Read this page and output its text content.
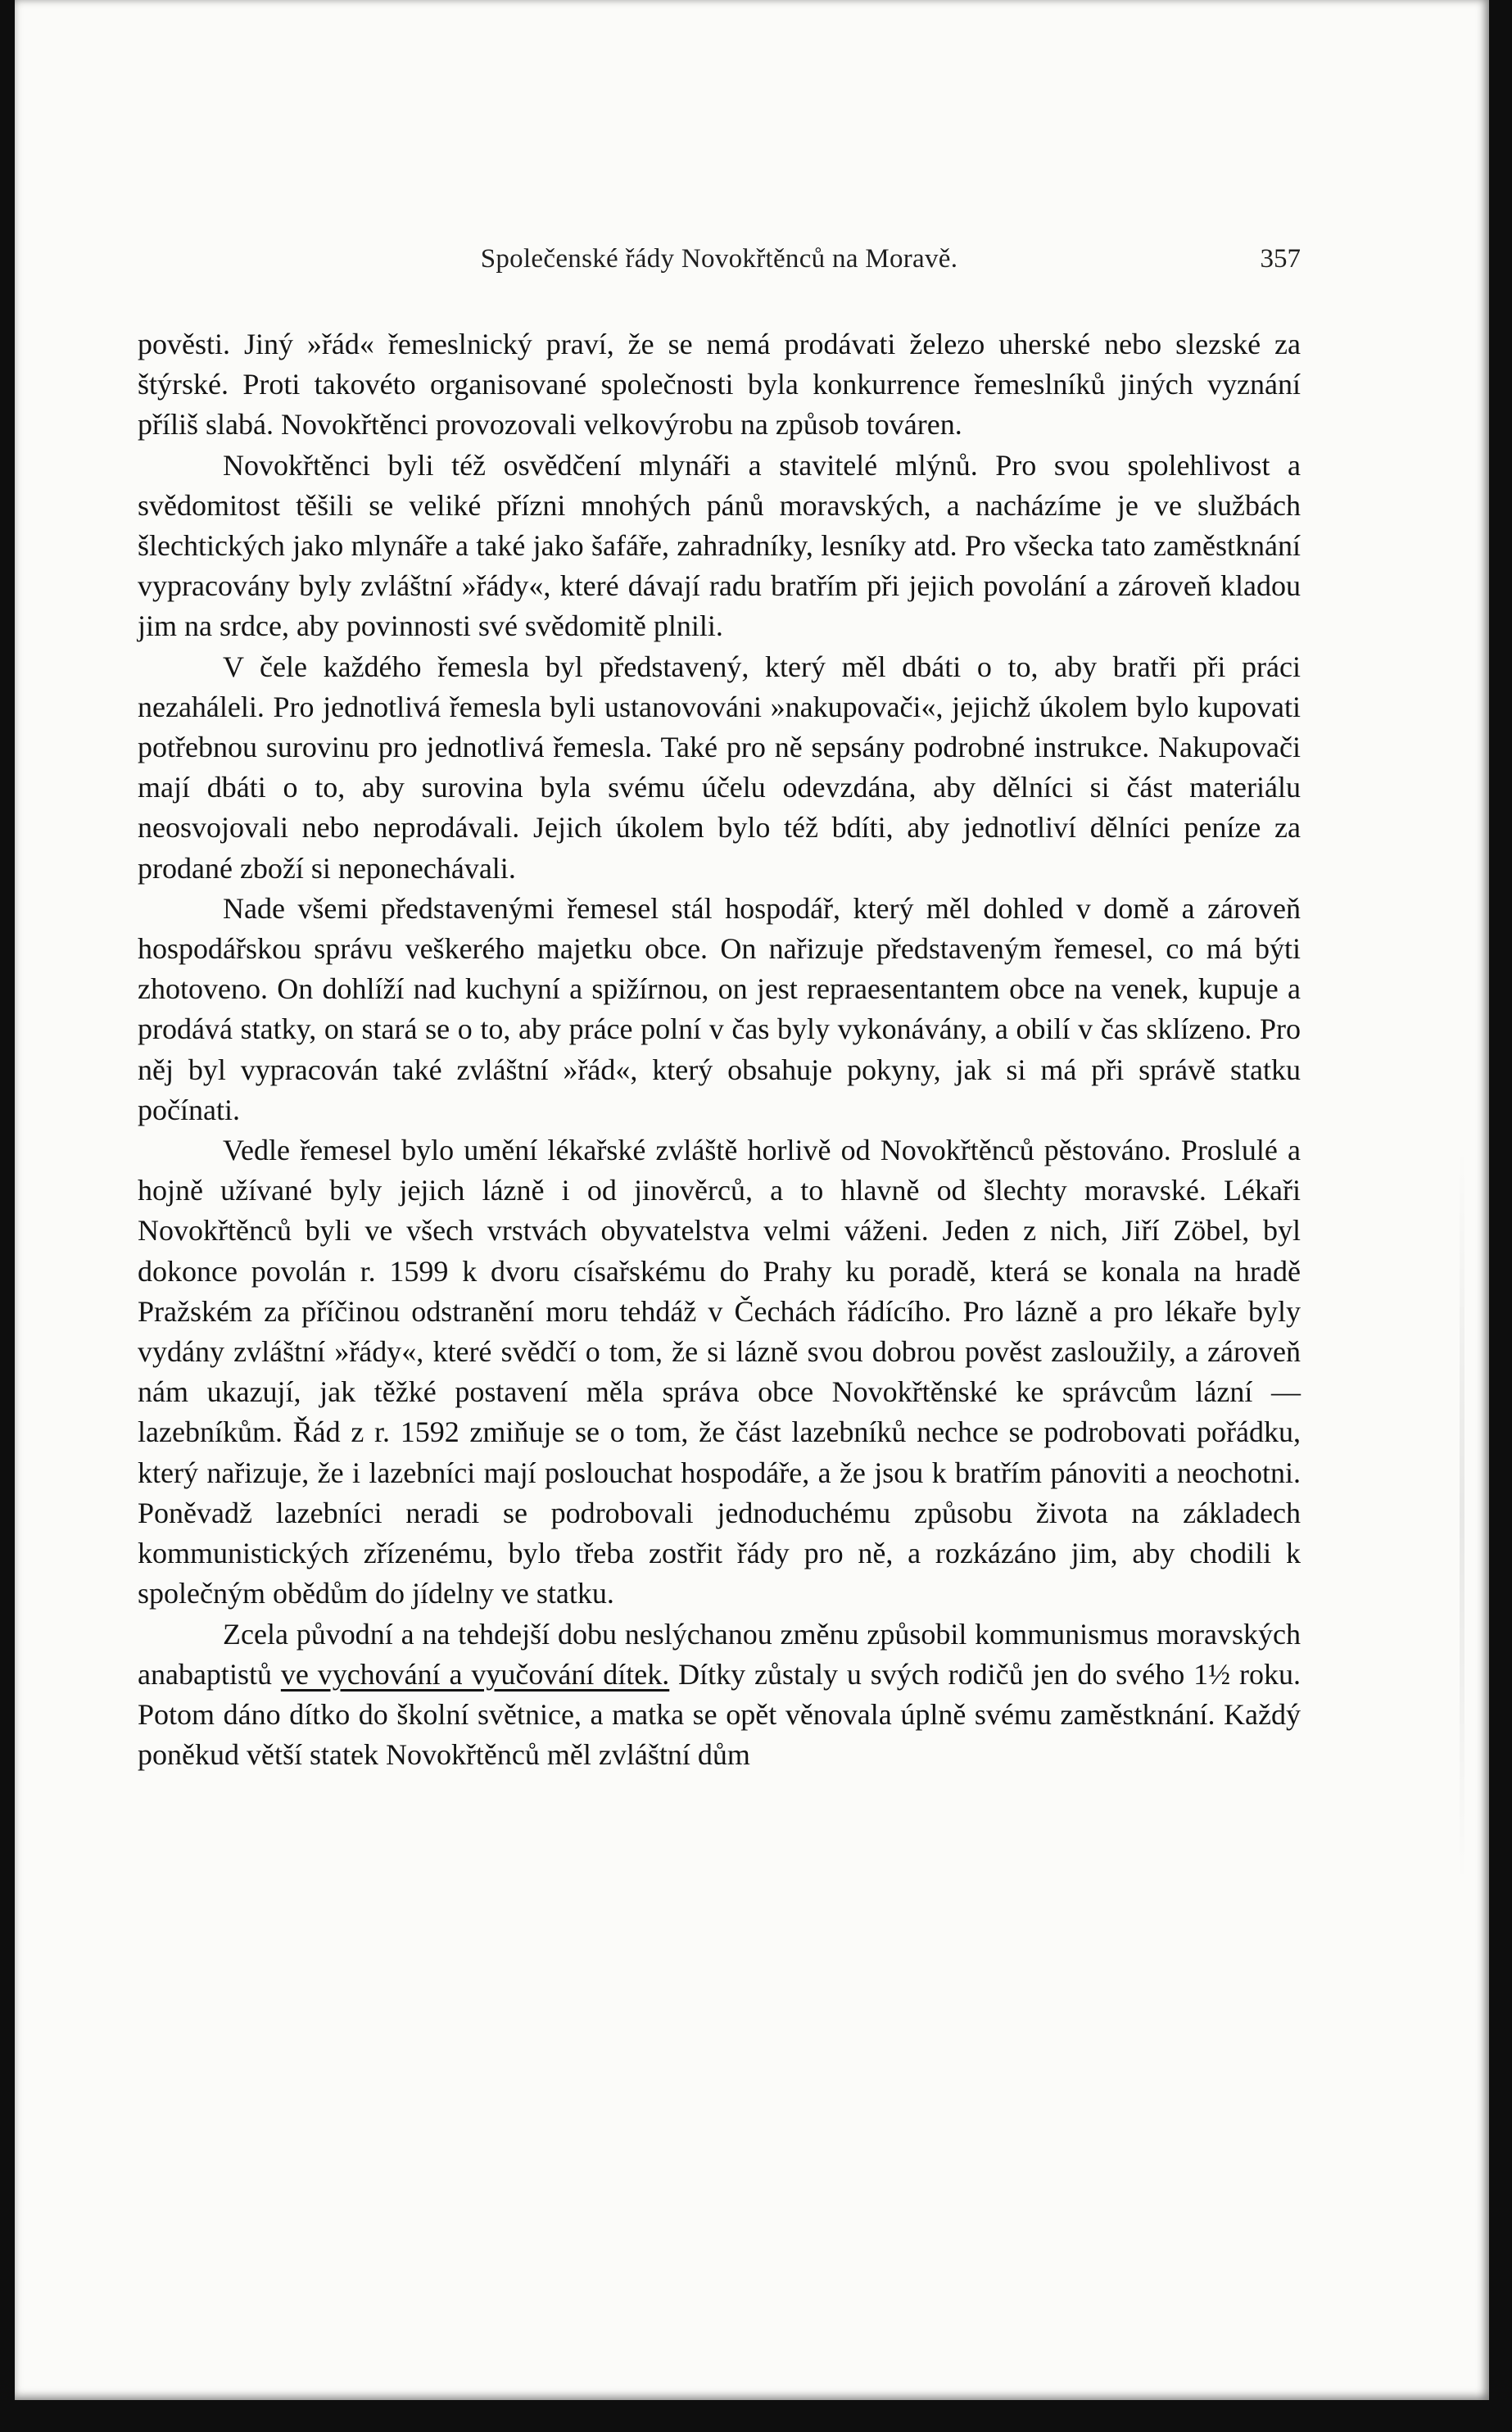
Společenské řády Novokřtěnců na Moravě.	357

pověsti. Jiný »řád« řemeslnický praví, že se nemá prodávati železo uherské nebo slezské za štýrské. Proti takovéto organisované společnosti byla konkurrence řemeslníků jiných vyznání příliš slabá. Novokřtěnci provozovali velkovýrobu na způsob továren.

Novokřtěnci byli též osvědčení mlynáři a stavitelé mlýnů. Pro svou spolehlivost a svědomitost těšili se veliké přízni mnohých pánů moravských, a nacházíme je ve službách šlechtických jako mlynáře a také jako šafáře, zahradníky, lesníky atd. Pro všecka tato zaměstknání vypracovány byly zvláštní »řády«, které dávají radu bratřím při jejich povolání a zároveň kladou jim na srdce, aby povinnosti své svědomitě plnili.

V čele každého řemesla byl představený, který měl dbáti o to, aby bratři při práci nezaháleli. Pro jednotlivá řemesla byli ustanovováni »nakupovači«, jejichž úkolem bylo kupovati potřebnou surovinu pro jednotlivá řemesla. Také pro ně sepsány podrobné instrukce. Nakupovači mají dbáti o to, aby surovina byla svému účelu odevzdána, aby dělníci si část materiálu neosvojovali nebo neprodávali. Jejich úkolem bylo též bdíti, aby jednotliví dělníci peníze za prodané zboží si neponechávali.

Nade všemi představenými řemesel stál hospodář, který měl dohled v domě a zároveň hospodářskou správu veškerého majetku obce. On nařizuje představeným řemesel, co má býti zhotoveno. On dohlíží nad kuchyní a spižírnou, on jest repraesentantem obce na venek, kupuje a prodává statky, on stará se o to, aby práce polní v čas byly vykonávány, a obilí v čas sklízeno. Pro něj byl vypracován také zvláštní »řád«, který obsahuje pokyny, jak si má při správě statku počínati.

Vedle řemesel bylo umění lékařské zvláště horlivě od Novokřtěnců pěstováno. Proslulé a hojně užívané byly jejich lázně i od jinověrců, a to hlavně od šlechty moravské. Lékaři Novokřtěnců byli ve všech vrstvách obyvatelstva velmi váženi. Jeden z nich, Jiří Zöbel, byl dokonce povolán r. 1599 k dvoru císařskému do Prahy ku poradě, která se konala na hradě Pražském za příčinou odstranění moru tehdáž v Čechách řádícího. Pro lázně a pro lékaře byly vydány zvláštní »řády«, které svědčí o tom, že si lázně svou dobrou pověst zasloužily, a zároveň nám ukazují, jak těžké postavení měla správa obce Novokřtěnské ke správcům lázní — lazebníkům. Řád z r. 1592 zmiňuje se o tom, že část lazebníků nechce se podrobovati pořádku, který nařizuje, že i lazebníci mají poslouchat hospodáře, a že jsou k bratřím pánoviti a neochotni. Poněvadž lazebníci neradi se podrobovali jednoduchému způsobu života na základech kommunistických zřízenému, bylo třeba zostřit řády pro ně, a rozkázáno jim, aby chodili k společným obědům do jídelny ve statku.

Zcela původní a na tehdejší dobu neslýchanou změnu způsobil kommunismus moravských anabaptistů ve vychování a vyučování dítek. Dítky zůstaly u svých rodičů jen do svého 1½ roku. Potom dáno dítko do školní světnice, a matka se opět věnovala úplně svému zaměstknání. Každý poněkud větší statek Novokřtěnců měl zvláštní dům
